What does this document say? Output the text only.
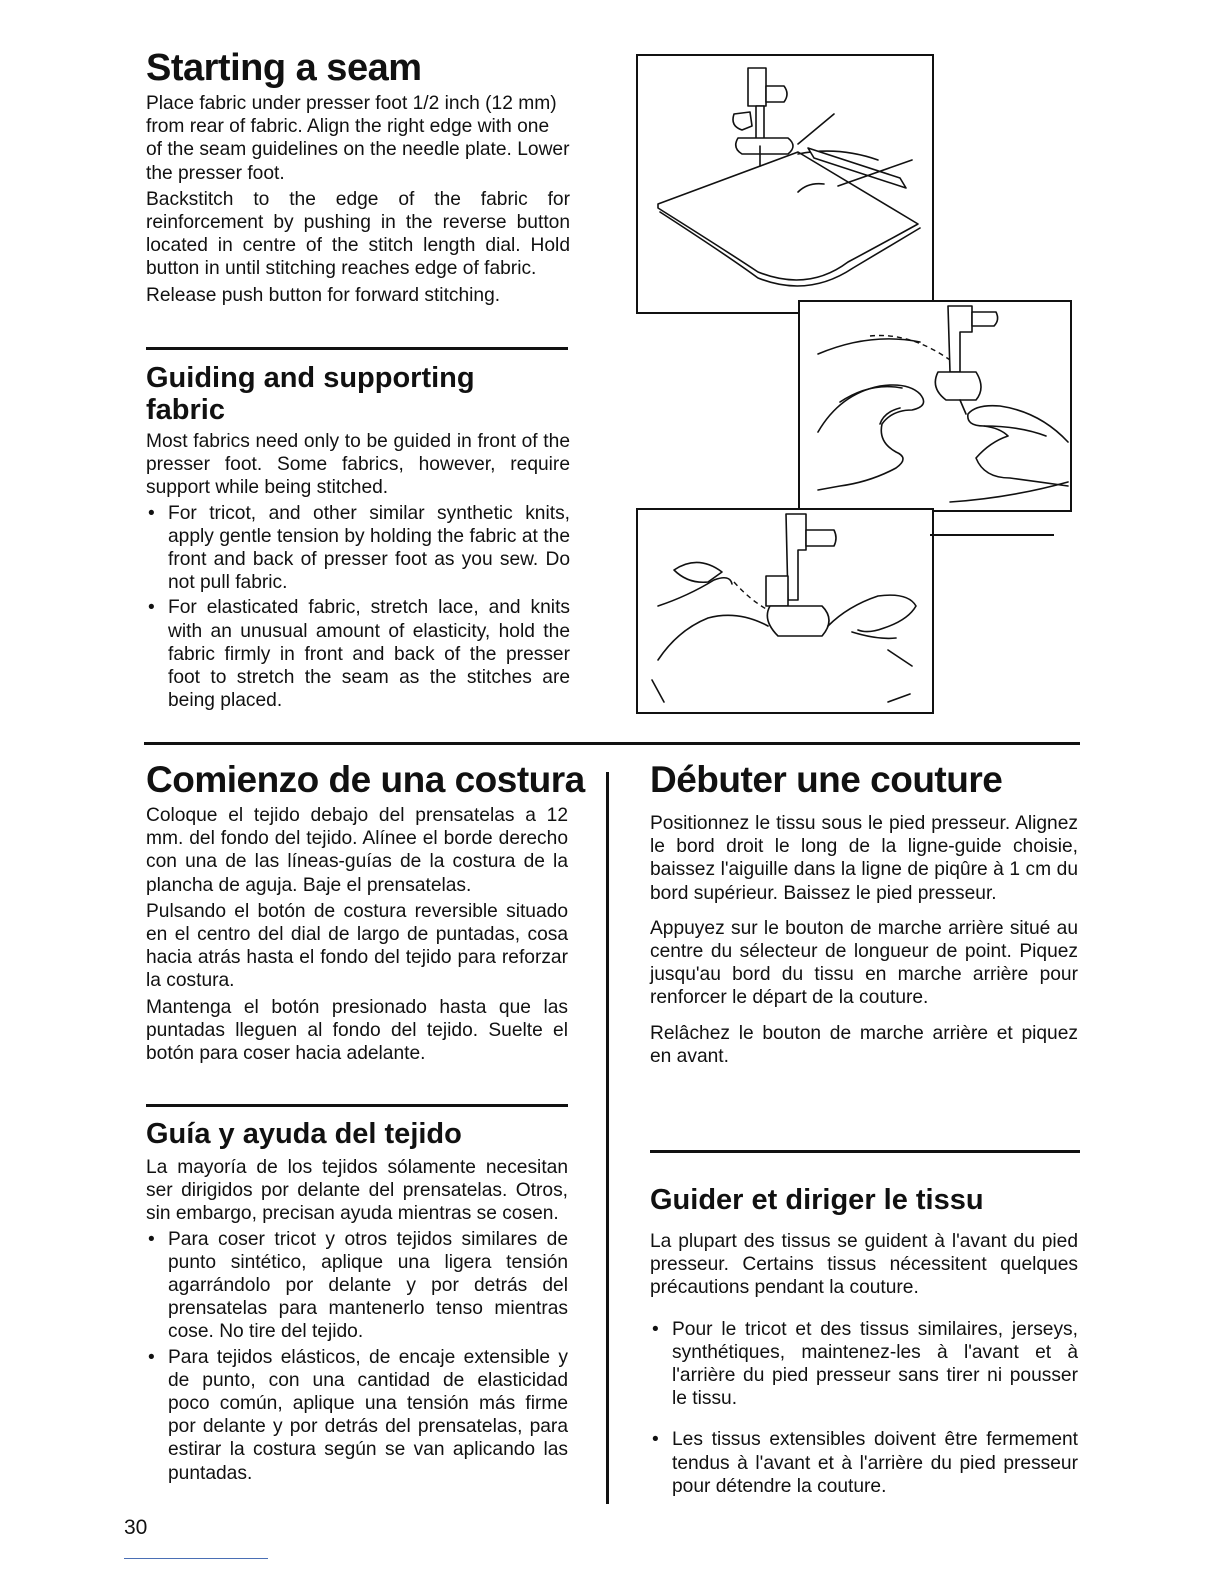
Starting a seam

Place fabric under presser foot 1/2 inch (12 mm) from rear of fabric. Align the right edge with one of the seam guidelines on the needle plate. Lower the presser foot.

Backstitch to the edge of the fabric for reinforcement by pushing in the reverse button located in centre of the stitch length dial. Hold button in until stitching reaches edge of fabric.

Release push button for forward stitching.

Guiding and supporting fabric

Most fabrics need only to be guided in front of the presser foot. Some fabrics, however, require support while being stitched.

• For tricot, and other similar synthetic knits, apply gentle tension by holding the fabric at the front and back of presser foot as you sew. Do not pull fabric.
• For elasticated fabric, stretch lace, and knits with an unusual amount of elasticity, hold the fabric firmly in front and back of the presser foot to stretch the seam as the stitches are being placed.
Comienzo de una costura

Coloque el tejido debajo del prensatelas a 12 mm. del fondo del tejido. Alínee el borde derecho con una de las líneas-guías de la costura de la plancha de aguja. Baje el prensatelas.

Pulsando el botón de costura reversible situado en el centro del dial de largo de puntadas, cosa hacia atrás hasta el fondo del tejido para reforzar la costura.

Mantenga el botón presionado hasta que las puntadas lleguen al fondo del tejido. Suelte el botón para coser hacia adelante.

Guía y ayuda del tejido

La mayoría de los tejidos sólamente necesitan ser dirigidos por delante del prensatelas. Otros, sin embargo, precisan ayuda mientras se cosen.

• Para coser tricot y otros tejidos similares de punto sintético, aplique una ligera tensión agarrándolo por delante y por detrás del prensatelas para mantenerlo tenso mientras cose. No tire del tejido.
• Para tejidos elásticos, de encaje extensible y de punto, con una cantidad de elasticidad poco común, aplique una tensión más firme por delante y por detrás del prensatelas, para estirar la costura según se van aplicando las puntadas.
Débuter une couture

Positionnez le tissu sous le pied presseur. Alignez le bord droit le long de la ligne-guide choisie, baissez l'aiguille dans la ligne de piqûre à 1 cm du bord supérieur. Baissez le pied presseur.

Appuyez sur le bouton de marche arrière situé au centre du sélecteur de longueur de point. Piquez jusqu'au bord du tissu en marche arrière pour renforcer le départ de la couture.

Relâchez le bouton de marche arrière et piquez en avant.

Guider et diriger le tissu

La plupart des tissus se guident à l'avant du pied presseur. Certains tissus nécessitent quelques précautions pendant la couture.

• Pour le tricot et des tissus similaires, jerseys, synthétiques, maintenez-les à l'avant et à l'arrière du pied presseur sans tirer ni pousser le tissu.
• Les tissus extensibles doivent être fermement tendus à l'avant et à l'arrière du pied presseur pour détendre la couture.
30
